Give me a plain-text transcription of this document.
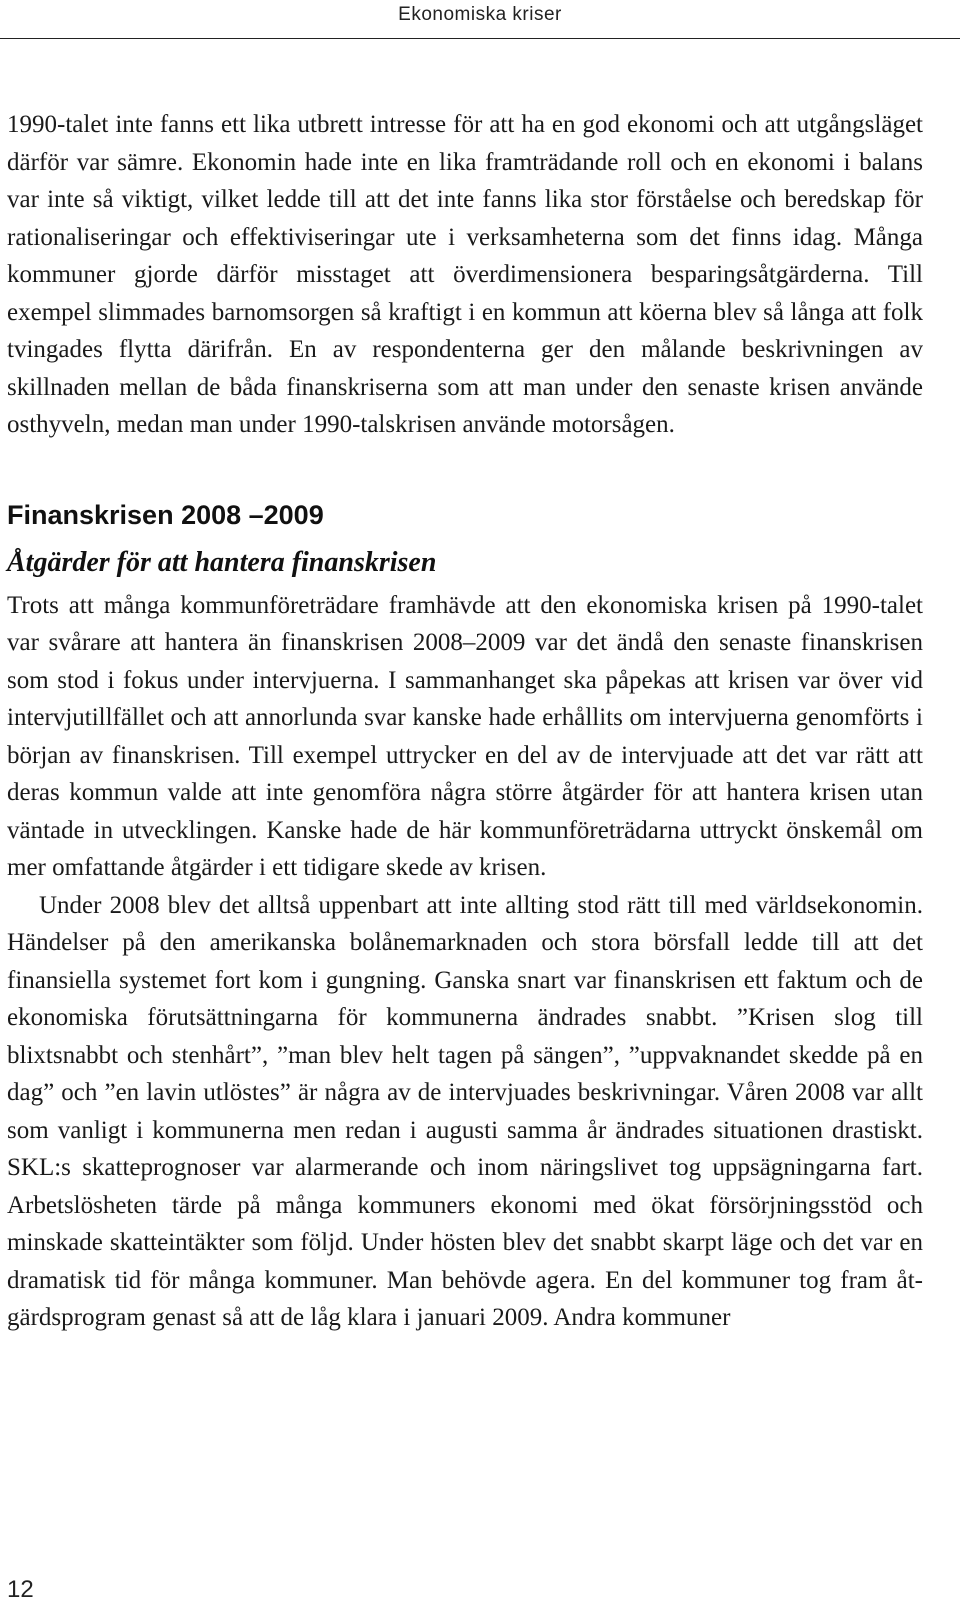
Ekonomiska kriser

1990-talet inte fanns ett lika utbrett intresse för att ha en god ekonomi och att utgångsläget därför var sämre. Ekonomin hade inte en lika framträdande roll och en ekonomi i balans var inte så viktigt, vilket ledde till att det inte fanns lika stor förståelse och beredskap för rationaliseringar och effektiviseringar ute i verksamheterna som det finns idag. Många kommuner gjorde därför misstaget att överdimensionera besparingsåtgärderna. Till exempel slimmades barnomsorgen så kraftigt i en kommun att köerna blev så långa att folk tvingades flytta därifrån. En av respondenterna ger den målande beskrivningen av skillnaden mellan de båda finanskriserna som att man under den senaste krisen använde osthyveln, medan man under 1990-talskrisen använde motorsågen.

Finanskrisen 2008 –2009
Åtgärder för att hantera finanskrisen

Trots att många kommunföreträdare framhävde att den ekonomiska krisen på 1990-talet var svårare att hantera än finanskrisen 2008–2009 var det ändå den senaste finanskrisen som stod i fokus under intervjuerna. I sammanhanget ska påpekas att krisen var över vid intervjutillfället och att annorlunda svar kanske hade erhållits om intervjuerna genomförts i början av finanskrisen. Till exempel uttrycker en del av de intervjuade att det var rätt att deras kommun valde att inte genomföra några större åtgärder för att hantera krisen utan väntade in utvecklingen. Kanske hade de här kommunföreträdarna uttryckt önskemål om mer omfattande åtgärder i ett tidigare skede av krisen.

Under 2008 blev det alltså uppenbart att inte allting stod rätt till med världsekonomin. Händelser på den amerikanska bolånemarknaden och stora börsfall ledde till att det finansiella systemet fort kom i gungning. Ganska snart var finanskrisen ett faktum och de ekonomiska förutsättningarna för kommunerna ändrades snabbt. ”Krisen slog till blixtsnabbt och stenhårt”, ”man blev helt tagen på sängen”, ”uppvaknandet skedde på en dag” och ”en lavin utlöstes” är några av de intervjuades beskrivningar. Våren 2008 var allt som vanligt i kommunerna men redan i augusti samma år ändrades situationen drastiskt. SKL:s skatteprognoser var alarmerande och inom näringslivet tog uppsägningarna fart. Arbetslösheten tärde på många kommuners ekonomi med ökat försörjningsstöd och minskade skatteintäkter som följd. Under hösten blev det snabbt skarpt läge och det var en dramatisk tid för många kommuner. Man behövde agera. En del kommuner tog fram åtgärdsprogram genast så att de låg klara i januari 2009. Andra kommuner

12
